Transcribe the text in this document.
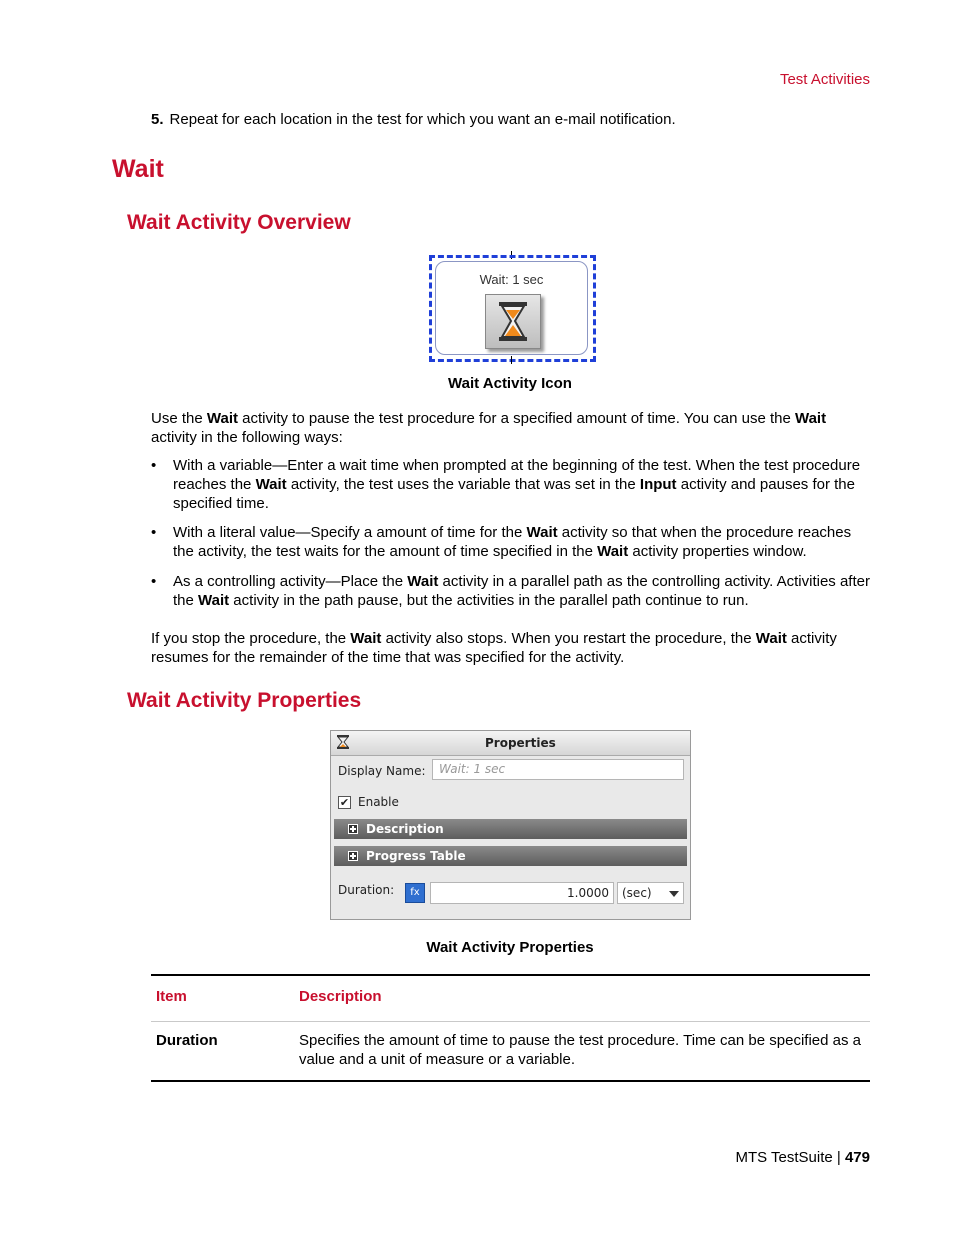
Test Activities
5. Repeat for each location in the test for which you want an e-mail notification.
Wait
Wait Activity Overview
Wait: 1 sec
Wait Activity Icon
Use the Wait activity to pause the test procedure for a specified amount of time. You can use the Wait activity in the following ways:
• With a variable—Enter a wait time when prompted at the beginning of the test. When the test procedure reaches the Wait activity, the test uses the variable that was set in the Input activity and pauses for the specified time.
• With a literal value—Specify a amount of time for the Wait activity so that when the procedure reaches the activity, the test waits for the amount of time specified in the Wait activity properties window.
• As a controlling activity—Place the Wait activity in a parallel path as the controlling activity. Activities after the Wait activity in the path pause, but the activities in the parallel path continue to run.
If you stop the procedure, the Wait activity also stops. When you restart the procedure, the Wait activity resumes for the remainder of the time that was specified for the activity.
Wait Activity Properties
Properties
Display Name:	Wait: 1 sec
✔ Enable
Description
Progress Table
Duration:	fx	1.0000	(sec)
Wait Activity Properties
Item	Description
Duration	Specifies the amount of time to pause the test procedure. Time can be specified as a value and a unit of measure or a variable.
MTS TestSuite | 479
